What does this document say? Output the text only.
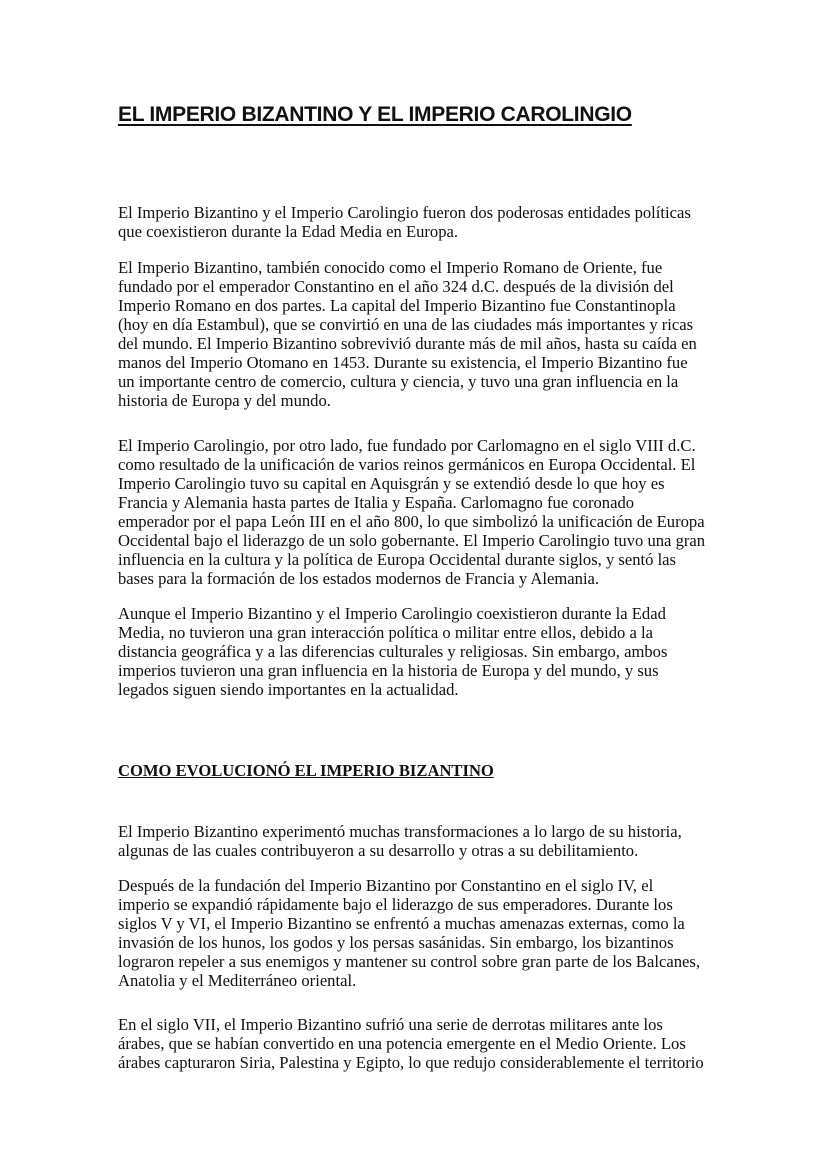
EL IMPERIO BIZANTINO Y EL IMPERIO CAROLINGIO

El Imperio Bizantino y el Imperio Carolingio fueron dos poderosas entidades políticas
que coexistieron durante la Edad Media en Europa.

El Imperio Bizantino, también conocido como el Imperio Romano de Oriente, fue
fundado por el emperador Constantino en el año 324 d.C. después de la división del
Imperio Romano en dos partes. La capital del Imperio Bizantino fue Constantinopla
(hoy en día Estambul), que se convirtió en una de las ciudades más importantes y ricas
del mundo. El Imperio Bizantino sobrevivió durante más de mil años, hasta su caída en
manos del Imperio Otomano en 1453. Durante su existencia, el Imperio Bizantino fue
un importante centro de comercio, cultura y ciencia, y tuvo una gran influencia en la
historia de Europa y del mundo.

El Imperio Carolingio, por otro lado, fue fundado por Carlomagno en el siglo VIII d.C.
como resultado de la unificación de varios reinos germánicos en Europa Occidental. El
Imperio Carolingio tuvo su capital en Aquisgrán y se extendió desde lo que hoy es
Francia y Alemania hasta partes de Italia y España. Carlomagno fue coronado
emperador por el papa León III en el año 800, lo que simbolizó la unificación de Europa
Occidental bajo el liderazgo de un solo gobernante. El Imperio Carolingio tuvo una gran
influencia en la cultura y la política de Europa Occidental durante siglos, y sentó las
bases para la formación de los estados modernos de Francia y Alemania.

Aunque el Imperio Bizantino y el Imperio Carolingio coexistieron durante la Edad
Media, no tuvieron una gran interacción política o militar entre ellos, debido a la
distancia geográfica y a las diferencias culturales y religiosas. Sin embargo, ambos
imperios tuvieron una gran influencia en la historia de Europa y del mundo, y sus
legados siguen siendo importantes en la actualidad.

COMO EVOLUCIONÓ EL IMPERIO BIZANTINO

El Imperio Bizantino experimentó muchas transformaciones a lo largo de su historia,
algunas de las cuales contribuyeron a su desarrollo y otras a su debilitamiento.

Después de la fundación del Imperio Bizantino por Constantino en el siglo IV, el
imperio se expandió rápidamente bajo el liderazgo de sus emperadores. Durante los
siglos V y VI, el Imperio Bizantino se enfrentó a muchas amenazas externas, como la
invasión de los hunos, los godos y los persas sasánidas. Sin embargo, los bizantinos
lograron repeler a sus enemigos y mantener su control sobre gran parte de los Balcanes,
Anatolia y el Mediterráneo oriental.

En el siglo VII, el Imperio Bizantino sufrió una serie de derrotas militares ante los
árabes, que se habían convertido en una potencia emergente en el Medio Oriente. Los
árabes capturaron Siria, Palestina y Egipto, lo que redujo considerablemente el territorio
